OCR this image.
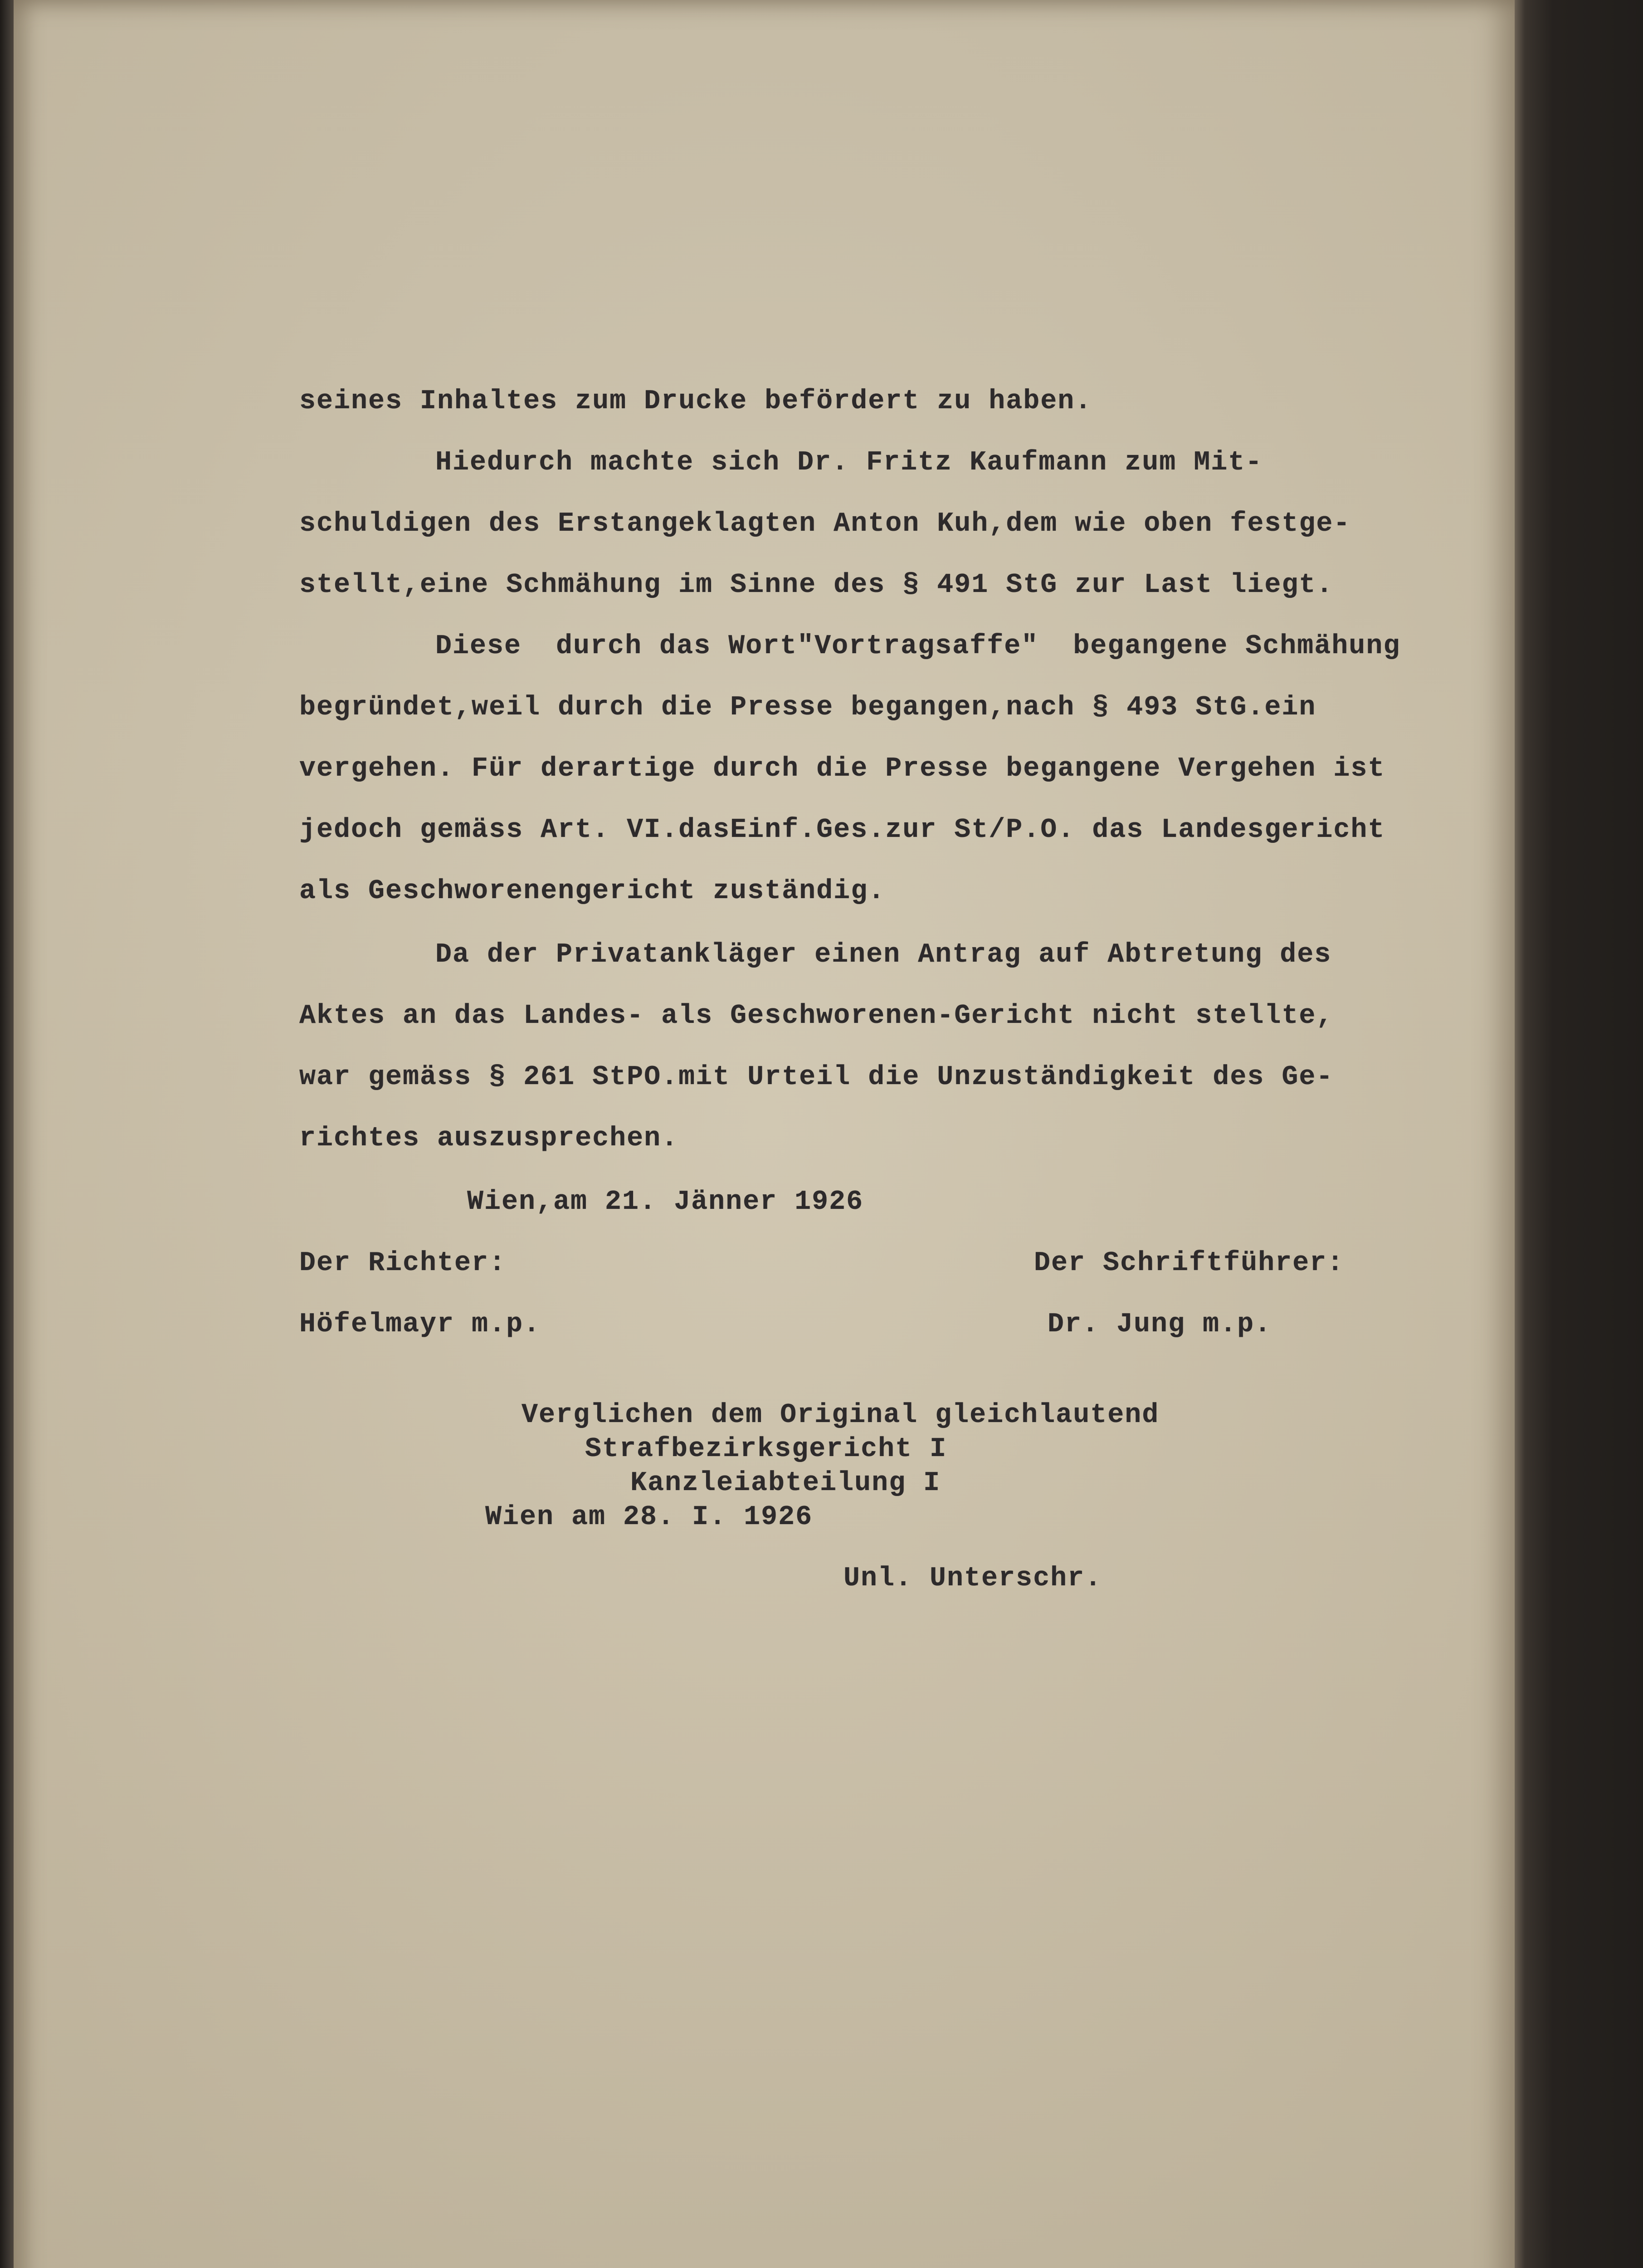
seines Inhaltes zum Drucke befördert zu haben.
Hiedurch machte sich Dr. Fritz Kaufmann zum Mit-
schuldigen des Erstangeklagten Anton Kuh,dem wie oben festge-
stellt,eine Schmähung im Sinne des § 491 StG zur Last liegt.
Diese  durch das Wort"Vortragsaffe"  begangene Schmähung
begründet,weil durch die Presse begangen,nach § 493 StG.ein
vergehen. Für derartige durch die Presse begangene Vergehen ist
jedoch gemäss Art. VI.dasEinf.Ges.zur St/P.O. das Landesgericht
als Geschworenengericht zuständig.
Da der Privatankläger einen Antrag auf Abtretung des
Aktes an das Landes- als Geschworenen-Gericht nicht stellte,
war gemäss § 261 StPO.mit Urteil die Unzuständigkeit des Ge-
richtes auszusprechen.
Wien,am 21. Jänner 1926
Der Richter:	Der Schriftführer:
Höfelmayr m.p.	Dr. Jung m.p.
Verglichen dem Original gleichlautend
Strafbezirksgericht I
Kanzleiabteilung I
Wien am 28. I. 1926
Unl. Unterschr.
